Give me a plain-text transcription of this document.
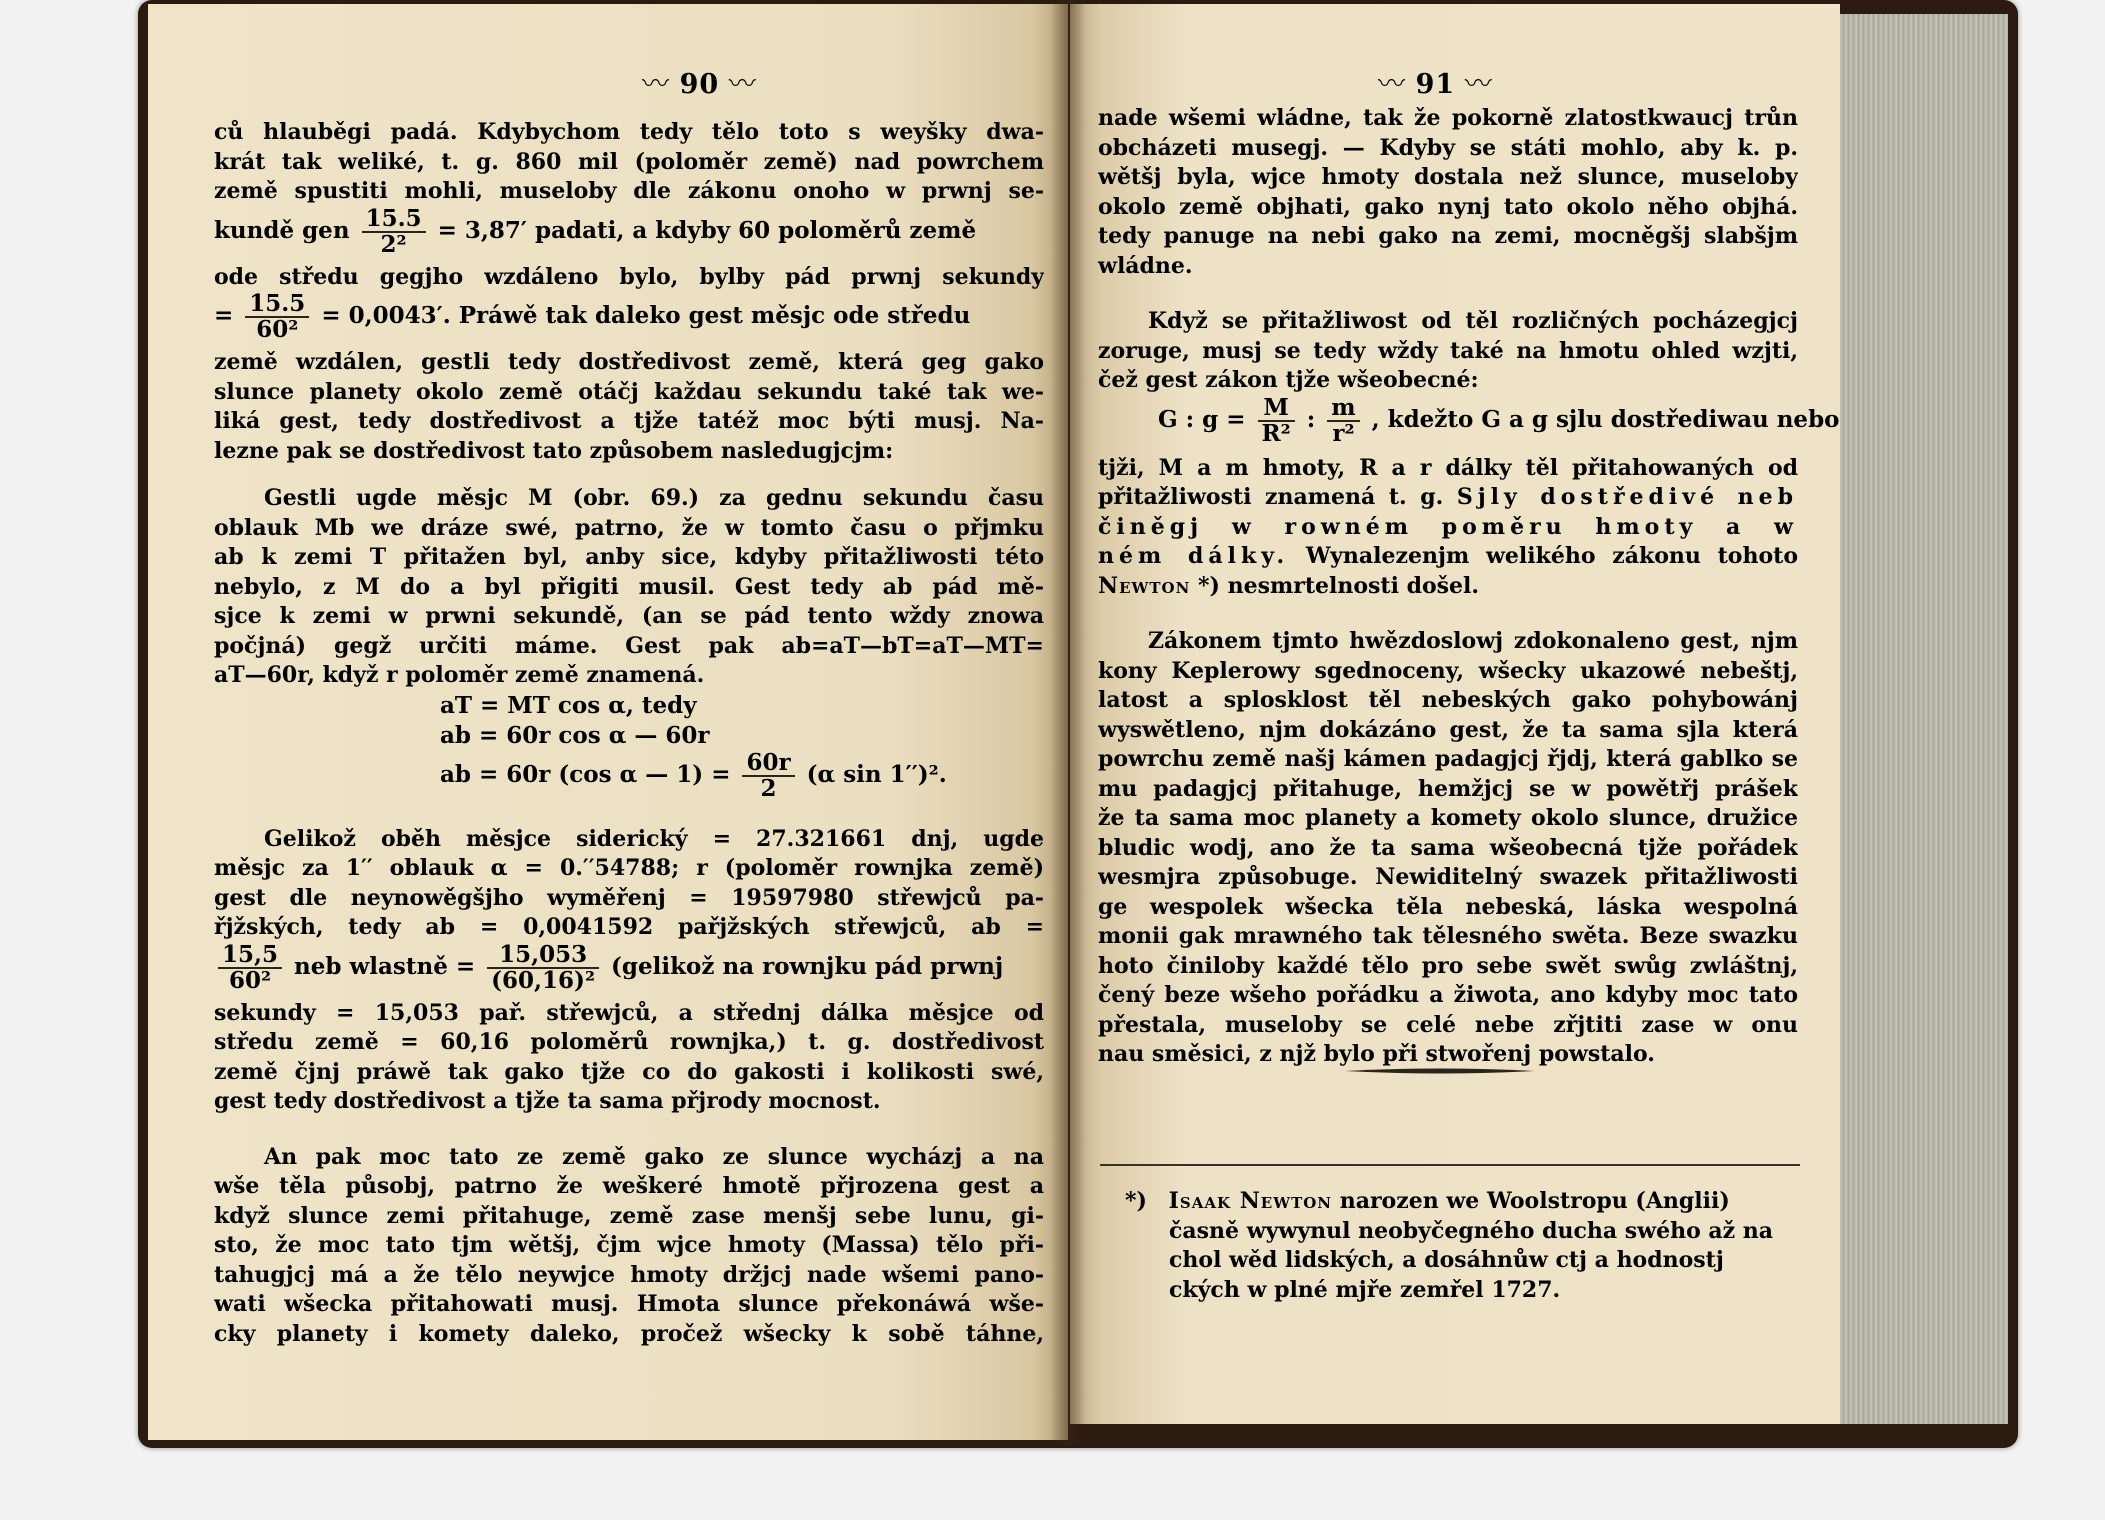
〰 90 〰	〰 91 〰
ců hlauběgi padá. Kdybychom tedy tělo toto s weyšky dwa-
krát tak weliké, t. g. 860 mil (poloměr země) nad powrchem
země spustiti mohli, museloby dle zákonu onoho w prwnj se-
kundě gen $\frac{15.5}{\text{2²}} = 3,87'$ padati, a kdyby 60 poloměrů země
ode středu gegjho wzdáleno bylo, bylby pád prwnj sekundy
= $\frac{15.5}{\text{60²}} = 0,0043'$. Práwě tak daleko gest měsjc ode středu
země wzdálen, gestli tedy dostředivost země, která geg gako
slunce planety okolo země otáčj každau sekundu také tak we-
liká gest, tedy dostředivost a tjže tatéž moc býti musj. Na-
lezne pak se dostředivost tato způsobem nasledugjcjm:
Gestli ugde měsjc M (obr. 69.) za gednu sekundu času
oblauk Mb we dráze swé, patrno, že w tomto času o přjmku
ab k zemi T přitažen byl, anby sice, kdyby přitažliwosti této
nebylo, z M do a byl přigiti musil. Gest tedy ab pád mě-
sjce k zemi w prwni sekundě, (an se pád tento wždy znowa
počjná) gegž určiti máme. Gest pak ab=aT—bT=aT—MT=
aT—60r, když r poloměr země znamená.
aT = MT cos α, tedy
ab = 60r cos α — 60r
ab = 60r (cos α — $1) = \frac{60r}{2} (\alpha$ sin 1′′)².
Gelikož oběh měsjce siderický = 27.321661 dnj, ugde
měsjc za 1′′ oblauk α = 0.′′54788; r (poloměr rownjka země)
gest dle neynowěgšjho wyměřenj = 19597980 střewjců pa-
řjžských, tedy ab = 0,0041592 pařjžských střewjců, ab =
$\frac{15,5}{\text{60²}}$ neb wlastně = $\frac{15,053}{\text{(60,16)²}}$ (gelikož na rownjku pád prwnj
sekundy = 15,053 pař. střewjců, a střednj dálka měsjce od
středu země = 60,16 poloměrů rownjka,) t. g. dostředivost
země čjnj práwě tak gako tjže co do gakosti i kolikosti swé,
gest tedy dostředivost a tjže ta sama přjrody mocnost.
An pak moc tato ze země gako ze slunce wycházj a na
wše těla působj, patrno že weškeré hmotě přjrozena gest a
když slunce zemi přitahuge, země zase menšj sebe lunu, gi-
sto, že moc tato tjm wětšj, čjm wjce hmoty (Massa) tělo při-
tahugjcj má a že tělo neywjce hmoty držjcj nade wšemi pano-
wati wšecka přitahowati musj. Hmota slunce překonáwá wše-
cky planety i komety daleko, pročež wšecky k sobě táhne,
nade wšemi wládne, tak že pokorně zlatostkwaucj trůn
obcházeti musegj. — Kdyby se státi mohlo, aby k. p.
wětšj byla, wjce hmoty dostala než slunce, museloby
okolo země objhati, gako nynj tato okolo něho objhá.
tedy panuge na nebi gako na zemi, mocněgšj slabšjm
wládne.
Když se přitažliwost od těl rozličných pocházegjcj
zoruge, musj se tedy wždy také na hmotu ohled wzjti,
čež gest zákon tjže wšeobecné:
G : $g = \frac{M}{\text{R²}}$ : $\frac{m}{\text{r²}}$ , kdežto G a g sjlu dostřediwau nebo
tjži, M a m hmoty, R a r dálky těl přitahowaných od
přitažliwosti znamená t. g. Sjly dostředivé neb
činěgj w rowném poměru hmoty a w
ném dálky. Wynalezenjm welikého zákonu tohoto
Newton *) nesmrtelnosti došel.
Zákonem tjmto hwězdoslowj zdokonaleno gest, njm
kony Keplerowy sgednoceny, wšecky ukazowé nebeštj,
latost a splosklost těl nebeských gako pohybowánj
wyswětleno, njm dokázáno gest, že ta sama sjla která
powrchu země našj kámen padagjcj řjdj, která gablko se
mu padagjcj přitahuge, hemžjcj se w powětřj prášek
že ta sama moc planety a komety okolo slunce, družice
bludic wodj, ano že ta sama wšeobecná tjže pořádek
wesmjra způsobuge. Newiditelný swazek přitažliwosti
ge wespolek wšecka těla nebeská, láska wespolná
monii gak mrawného tak tělesného swěta. Beze swazku
hoto činiloby každé tělo pro sebe swět swůg zwláštnj,
čený beze wšeho pořádku a žiwota, ano kdyby moc tato
přestala, museloby se celé nebe zřjtiti zase w onu
nau směsici, z njž bylo při stwořenj powstalo.
*) Isaak Newton narozen we Woolstropu (Anglii)
časně wywynul neobyčegného ducha swého až na
chol wěd lidských, a dosáhnůw ctj a hodnostj
ckých w plné mjře zemřel 1727.
